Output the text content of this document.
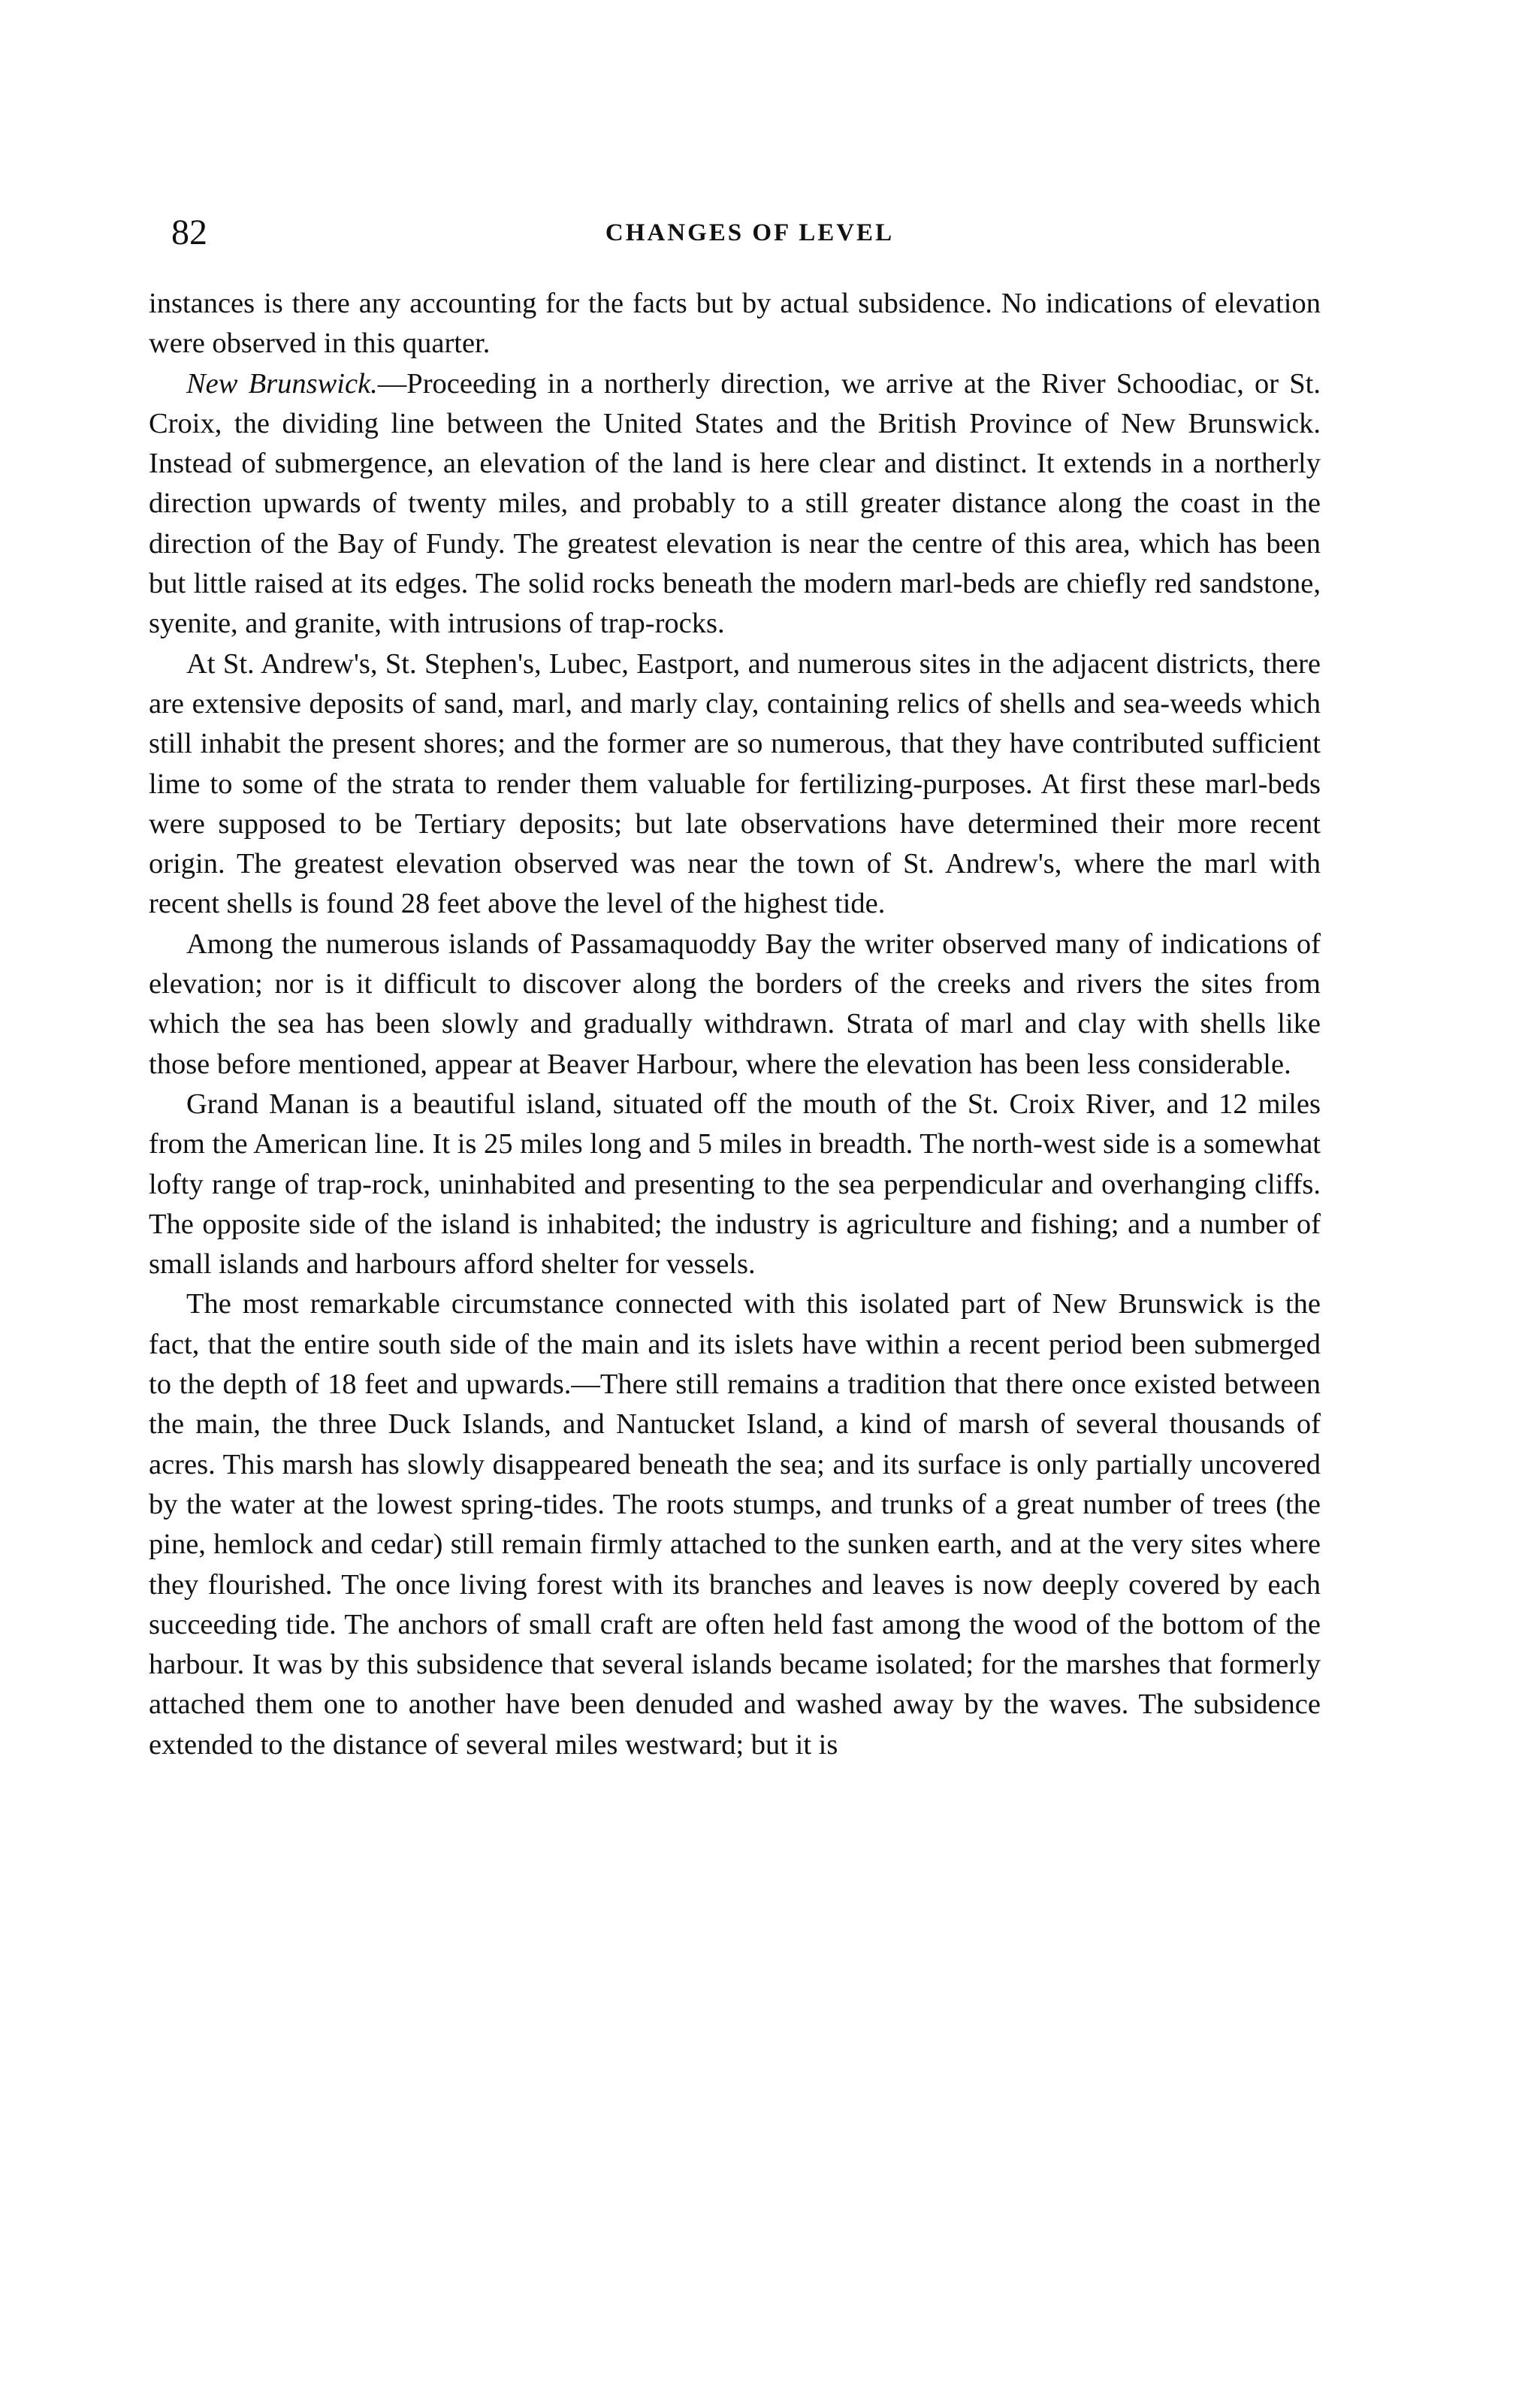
82	CHANGES OF LEVEL

instances is there any accounting for the facts but by actual subsidence. No indications of elevation were observed in this quarter.

New Brunswick.—Proceeding in a northerly direction, we arrive at the River Schoodiac, or St. Croix, the dividing line between the United States and the British Province of New Brunswick. Instead of submergence, an elevation of the land is here clear and distinct. It extends in a northerly direction upwards of twenty miles, and probably to a still greater distance along the coast in the direction of the Bay of Fundy. The greatest elevation is near the centre of this area, which has been but little raised at its edges. The solid rocks beneath the modern marl-beds are chiefly red sandstone, syenite, and granite, with intrusions of trap-rocks.

At St. Andrew's, St. Stephen's, Lubec, Eastport, and numerous sites in the adjacent districts, there are extensive deposits of sand, marl, and marly clay, containing relics of shells and sea-weeds which still inhabit the present shores; and the former are so numerous, that they have contributed sufficient lime to some of the strata to render them valuable for fertilizing-purposes. At first these marl-beds were supposed to be Tertiary deposits; but late observations have determined their more recent origin. The greatest elevation observed was near the town of St. Andrew's, where the marl with recent shells is found 28 feet above the level of the highest tide.

Among the numerous islands of Passamaquoddy Bay the writer observed many of indications of elevation; nor is it difficult to discover along the borders of the creeks and rivers the sites from which the sea has been slowly and gradually withdrawn. Strata of marl and clay with shells like those before mentioned, appear at Beaver Harbour, where the elevation has been less considerable.

Grand Manan is a beautiful island, situated off the mouth of the St. Croix River, and 12 miles from the American line. It is 25 miles long and 5 miles in breadth. The north-west side is a somewhat lofty range of trap-rock, uninhabited and presenting to the sea perpendicular and overhanging cliffs. The opposite side of the island is inhabited; the industry is agriculture and fishing; and a number of small islands and harbours afford shelter for vessels.

The most remarkable circumstance connected with this isolated part of New Brunswick is the fact, that the entire south side of the main and its islets have within a recent period been submerged to the depth of 18 feet and upwards.—There still remains a tradition that there once existed between the main, the three Duck Islands, and Nantucket Island, a kind of marsh of several thousands of acres. This marsh has slowly disappeared beneath the sea; and its surface is only partially uncovered by the water at the lowest spring-tides. The roots stumps, and trunks of a great number of trees (the pine, hemlock and cedar) still remain firmly attached to the sunken earth, and at the very sites where they flourished. The once living forest with its branches and leaves is now deeply covered by each succeeding tide. The anchors of small craft are often held fast among the wood of the bottom of the harbour. It was by this subsidence that several islands became isolated; for the marshes that formerly attached them one to another have been denuded and washed away by the waves. The subsidence extended to the distance of several miles westward; but it is
